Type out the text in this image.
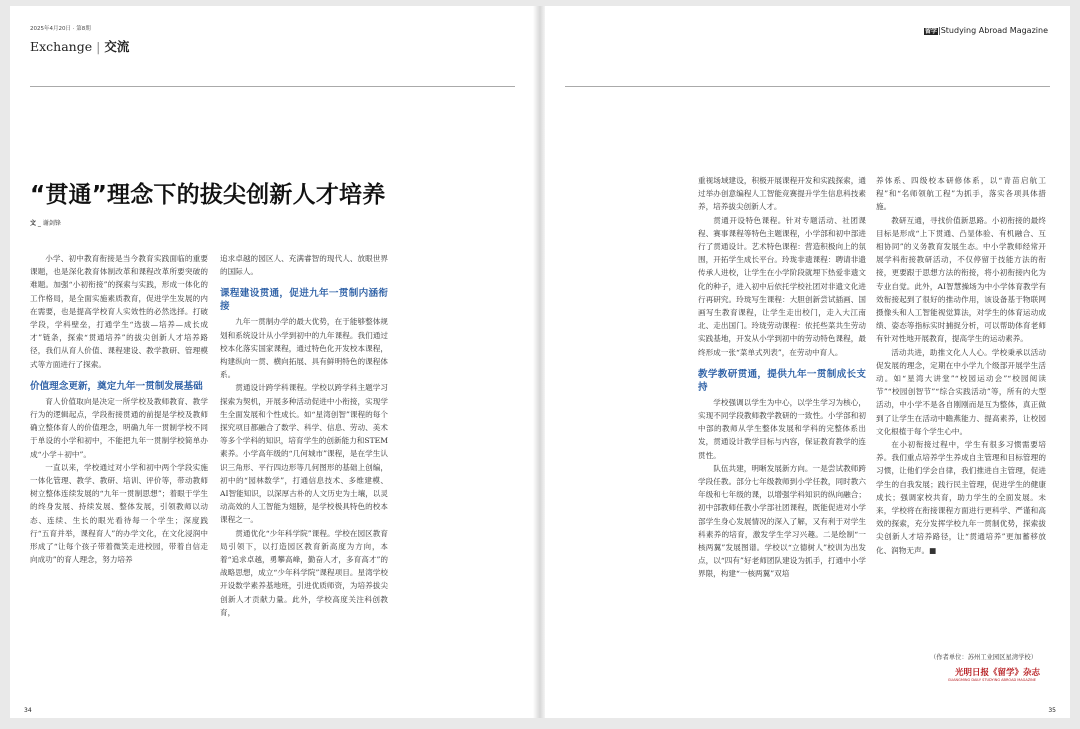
2025年4月20日 · 第8期
Exchange | 交流
“贯通”理念下的拔尖创新人才培养
文 _ 谢剑锋

小学、初中教育衔接是当今教育实践面临的重要课题，也是深化教育体制改革和课程改革所要突破的难题。加强“小初衔接”的探索与实践，形成一体化的工作格局，是全面实施素质教育，促进学生发展的内在需要，也是提高学校育人实效性的必然选择。打破学段，学科壁垒，打通学生“选拔—培养—成长成才”链条，探索“贯通培养”的拔尖创新人才培养路径，我们从育人价值、课程建设、教学教研、管理模式等方面进行了探索。

价值理念更新，奠定九年一贯制发展基础

育人价值取向是决定一所学校及教师教育、教学行为的逻辑起点，学段衔接贯通的前提是学校及教师确立整体育人的价值理念，明确九年一贯制学校不同于单设的小学和初中，不能把九年一贯制学校简单办成“小学＋初中”。

一直以来，学校通过对小学和初中两个学段实施一体化管理、教学、教研、培训、评价等，带动教师树立整体连续发展的“九年一贯制思想”；着眼于学生的终身发展、持续发展、整体发展，引领教师以动态、连续、生长的眼光看待每一个学生；深度践行“五育并举，课程育人”的办学文化，在文化浸润中形成了“让每个孩子带着微笑走进校园，带着自信走向成功”的育人理念，努力培养

追求卓越的园区人、充满睿智的现代人、放眼世界的国际人。

课程建设贯通，促进九年一贯制内涵衔接

九年一贯制办学的最大优势，在于能够整体规划和系统设计从小学到初中的九年课程。我们通过校本化落实国家课程，通过特色化开发校本课程，构建纵向一贯、横向拓展、具有鲜明特色的课程体系。

贯通设计跨学科课程。学校以跨学科主题学习探索为契机，开展多种活动促进中小衔接，实现学生全面发展和个性成长。如“星湾创智”课程的每个探究项目都融合了数学、科学、信息、劳动、美术等多个学科的知识，培育学生的创新能力和STEM素养。小学高年级的“几何城市”课程，是在学生认识三角形、平行四边形等几何图形的基础上创编，初中的“园林数学”，打通信息技术、多维建模、AI智能知识，以深厚古朴的人文历史为土壤，以灵动高效的人工智能为翅膀，是学校极具特色的校本课程之一。

贯通优化“少年科学院”课程。学校在园区教育局引领下，以打造园区教育新高度为方向，本着“追求卓越，勇攀高峰，勤奋人才，多育高才”的战略思想，成立“少年科学院”课程项目。星湾学校开设数学素养基地班，引进优质师资，为培养拔尖创新人才贡献力量。此外，学校高度关注科创教育，

34
留学|Studying Abroad Magazine

重视场域建设，积极开展课程开发和实践探索，通过举办创意编程人工智能竞赛提升学生信息科技素养，培养拔尖创新人才。

贯通开设特色课程。针对专题活动、社团课程、赛事课程等特色主题课程，小学部和初中部进行了贯通设计。艺术特色课程：营造积极向上的氛围，开拓学生成长平台。玲珑非遗课程：聘请非遗传承人进校，让学生在小学阶段就埋下热爱非遗文化的种子，进入初中后依托学校社团对非遗文化进行再研究。玲珑写生课程：大胆创新尝试插画、国画写生教育课程，让学生走出校门，走入大江南北、走出国门。玲珑劳动课程：依托些菜共生劳动实践基地，开发从小学到初中的劳动特色课程，最终形成一张“菜单式列表”，在劳动中育人。

教学教研贯通，提供九年一贯制成长支持

学校强调以学生为中心，以学生学习为核心，实现不同学段教师教学教研的一致性。小学部和初中部的教师从学生整体发展和学科的完整体系出发，贯通设计教学目标与内容，保证教育教学的连贯性。

队伍共建，明晰发展新方向。一是尝试教师跨学段任教。部分七年级教师到小学任教，同时教六年级和七年级的课，以增强学科知识的纵向融合；初中部教师任教小学部社团课程，既能促进对小学部学生身心发展情况的深入了解，又有利于对学生科素养的培育，激发学生学习兴趣。二是绘制“一核两翼”发展图谱。学校以“立德树人”校训为出发点，以“四有”好老师团队建设为抓手，打通中小学界限，构建“一核两翼”双培

养体系、四级校本研修体系，以“青苗启航工程”和“名师领航工程”为抓手，落实各项具体措施。

教研互通，寻找价值新思路。小初衔接的最终目标是形成“上下贯通、凸显体验、有机融合、互相协同”的义务教育发展生态。中小学教师经常开展学科衔接教研活动，不仅停留于技能方法的衔接，更要跟于思想方法的衔接，将小初衔接内化为专业自觉。此外，AI智慧操场为中小学体育教学有效衔接起到了很好的推动作用，该设备基于物联网摄像头和人工智能视觉算法，对学生的体育运动成绩、姿态等指标实时捕捉分析，可以帮助体育老师有针对性地开展教育，提高学生的运动素养。

活动共进，助推文化人人心。学校秉承以活动促发展的理念，定期在中小学九个级部开展学生活动。如“星湾大讲堂”“校园运动会”“校园阅读节”“校园创智节”“综合实践活动”等，所有的大型活动，中小学不是各自刚刚而是互为整体，真正做到了让学生在活动中瞻燕能力、提高素养，让校园文化根植于每个学生心中。

在小初衔接过程中，学生有很多习惯需要培养。我们重点培养学生养成自主管理和目标管理的习惯，让他们学会自律，我们推进自主管理，促进学生的自我发展；践行民主管理，促进学生的健康成长；强调家校共育，助力学生的全面发展。未来，学校将在衔接课程方面进行更科学、严谨和高效的探索，充分发挥学校九年一贯制优势，探索拔尖创新人才培养路径，让“贯通培养”更加蓄移放化、润物无声。■

（作者单位：苏州工业园区星湾学校）
光明日报《留学》杂志
GUANGMING DAILY STUDYING ABROAD MAGAZINE
35
